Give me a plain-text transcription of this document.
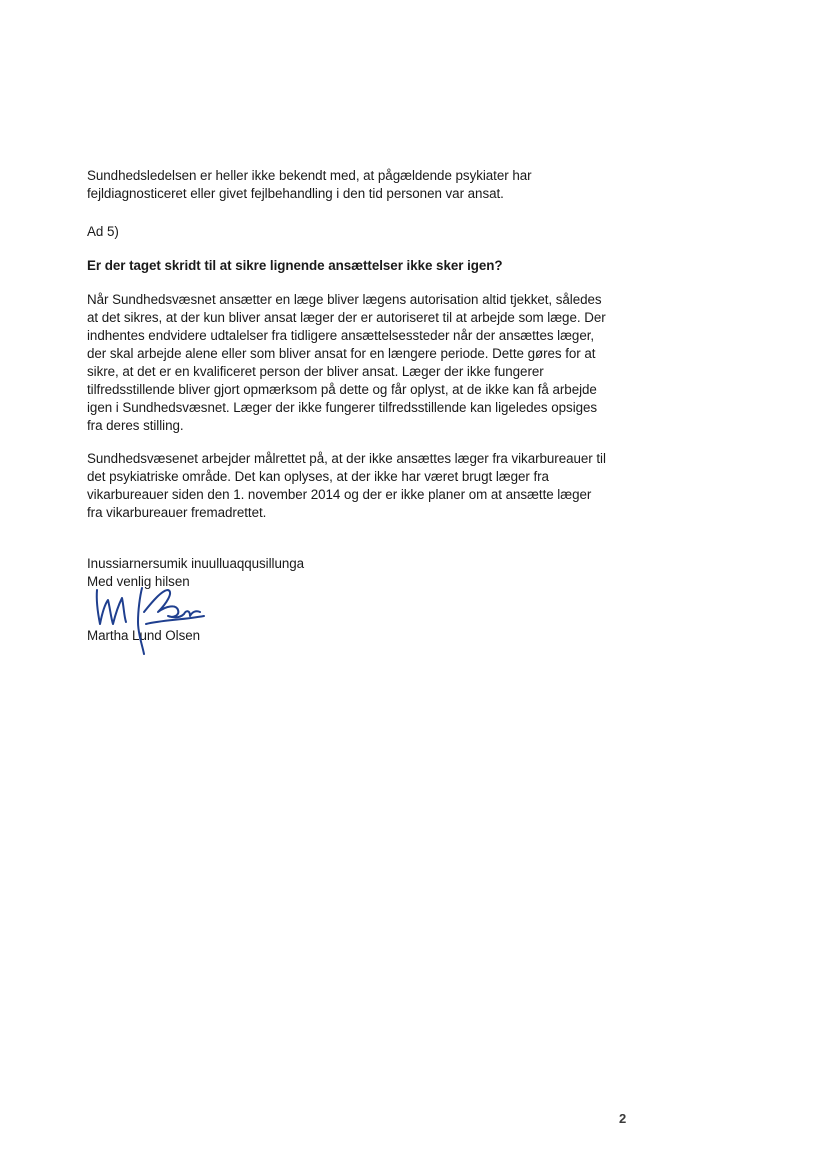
Sundhedsledelsen er heller ikke bekendt med, at pågældende psykiater har
fejldiagnosticeret eller givet fejlbehandling i den tid personen var ansat.
Ad 5)
Er der taget skridt til at sikre lignende ansættelser ikke sker igen?
Når Sundhedsvæsnet ansætter en læge bliver lægens autorisation altid tjekket, således
at det sikres, at der kun bliver ansat læger der er autoriseret til at arbejde som læge. Der
indhentes endvidere udtalelser fra tidligere ansættelsessteder når der ansættes læger,
der skal arbejde alene eller som bliver ansat for en længere periode. Dette gøres for at
sikre, at det er en kvalificeret person der bliver ansat. Læger der ikke fungerer
tilfredsstillende bliver gjort opmærksom på dette og får oplyst, at de ikke kan få arbejde
igen i Sundhedsvæsnet. Læger der ikke fungerer tilfredsstillende kan ligeledes opsiges
fra deres stilling.
Sundhedsvæsenet arbejder målrettet på, at der ikke ansættes læger fra vikarbureauer til
det psykiatriske område. Det kan oplyses, at der ikke har været brugt læger fra
vikarbureauer siden den 1. november 2014 og der er ikke planer om at ansætte læger
fra vikarbureauer fremadrettet.
Inussiarnersumik inuulluaqqusillunga
Med venlig hilsen
Martha Lund Olsen
2
